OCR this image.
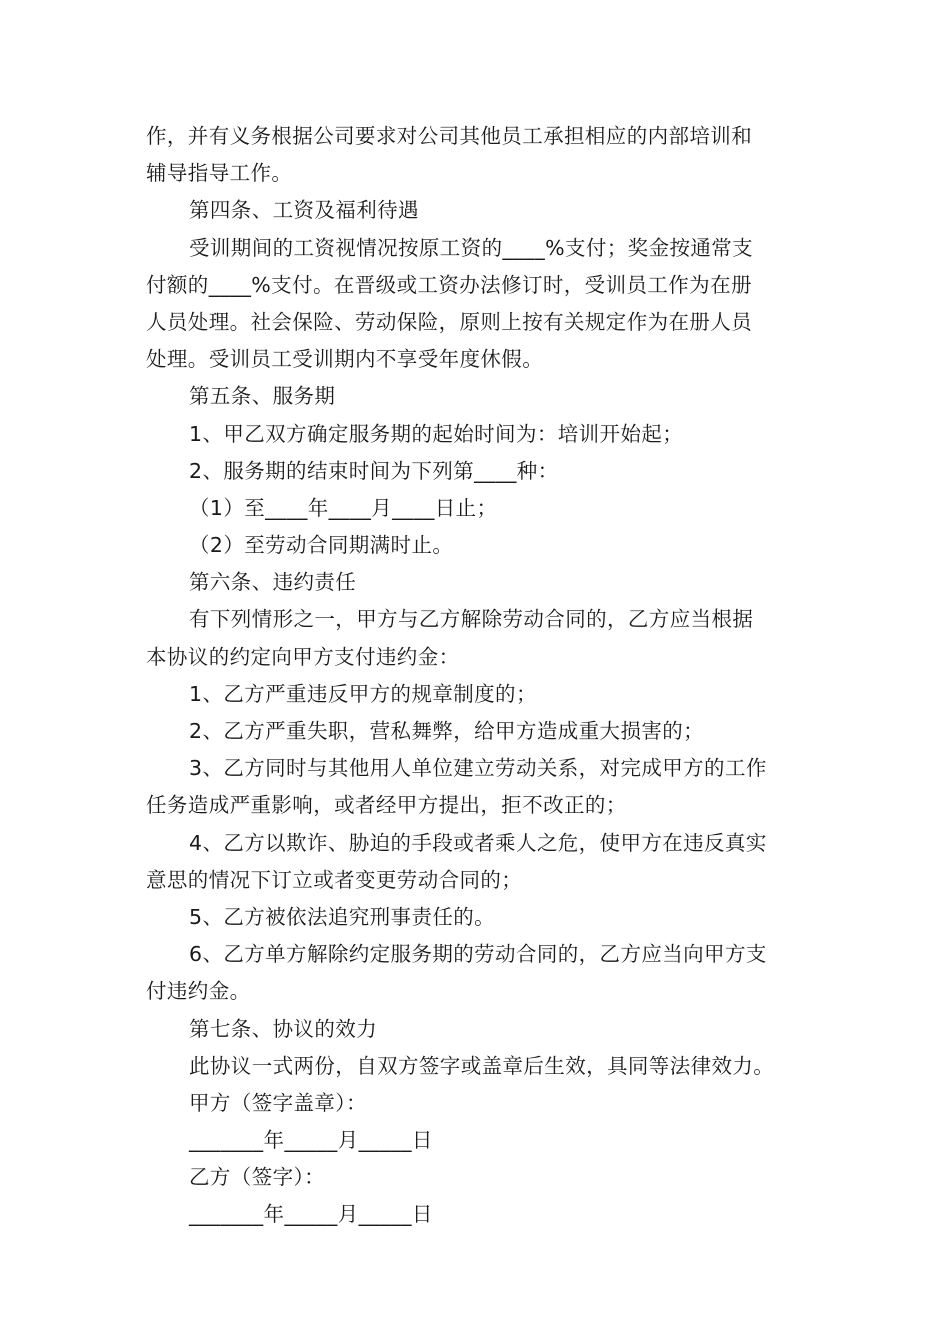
作，并有义务根据公司要求对公司其他员工承担相应的内部培训和
辅导指导工作。
第四条、工资及福利待遇
受训期间的工资视情况按原工资的____%支付；奖金按通常支
付额的____%支付。在晋级或工资办法修订时，受训员工作为在册
人员处理。社会保险、劳动保险，原则上按有关规定作为在册人员
处理。受训员工受训期内不享受年度休假。
第五条、服务期
1、甲乙双方确定服务期的起始时间为：培训开始起；
2、服务期的结束时间为下列第____种：
（1）至____年____月____日止；
（2）至劳动合同期满时止。
第六条、违约责任
有下列情形之一，甲方与乙方解除劳动合同的，乙方应当根据
本协议的约定向甲方支付违约金：
1、乙方严重违反甲方的规章制度的；
2、乙方严重失职，营私舞弊，给甲方造成重大损害的；
3、乙方同时与其他用人单位建立劳动关系，对完成甲方的工作
任务造成严重影响，或者经甲方提出，拒不改正的；
4、乙方以欺诈、胁迫的手段或者乘人之危，使甲方在违反真实
意思的情况下订立或者变更劳动合同的；
5、乙方被依法追究刑事责任的。
6、乙方单方解除约定服务期的劳动合同的，乙方应当向甲方支
付违约金。
第七条、协议的效力
此协议一式两份，自双方签字或盖章后生效，具同等法律效力。
甲方（签字盖章）：
_______年_____月_____日
乙方（签字）：
_______年_____月_____日
